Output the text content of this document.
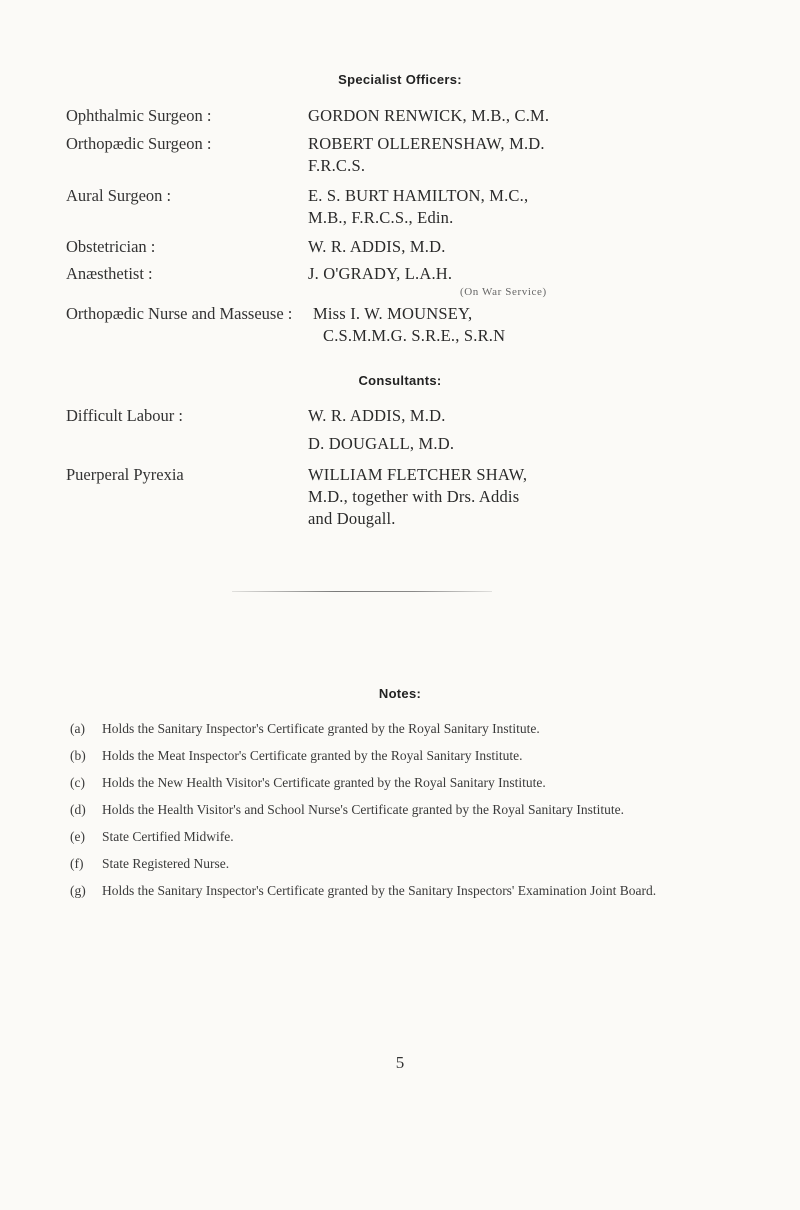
Specialist Officers:
Ophthalmic Surgeon :	GORDON RENWICK, M.B., C.M.
Orthopædic Surgeon :	ROBERT OLLERENSHAW, M.D.
F.R.C.S.
Aural Surgeon :	E. S. BURT HAMILTON, M.C.,
M.B., F.R.C.S., Edin.
Obstetrician :	W. R. ADDIS, M.D.
Anæsthetist :	J. O'GRADY, L.A.H.
(On War Service)
Orthopædic Nurse and Masseuse : Miss I. W. MOUNSEY,
C.S.M.M.G. S.R.E., S.R.N
Consultants:
Difficult Labour :	W. R. ADDIS, M.D.
D. DOUGALL, M.D.
Puerperal Pyrexia	WILLIAM FLETCHER SHAW,
M.D., together with Drs. Addis
and Dougall.
Notes:
(a) Holds the Sanitary Inspector's Certificate granted by the Royal Sanitary Institute.
(b) Holds the Meat Inspector's Certificate granted by the Royal Sanitary Institute.
(c) Holds the New Health Visitor's Certificate granted by the Royal Sanitary Institute.
(d) Holds the Health Visitor's and School Nurse's Certificate granted by the Royal Sanitary Institute.
(e) State Certified Midwife.
(f) State Registered Nurse.
(g) Holds the Sanitary Inspector's Certificate granted by the Sanitary Inspectors' Examination Joint Board.
5
